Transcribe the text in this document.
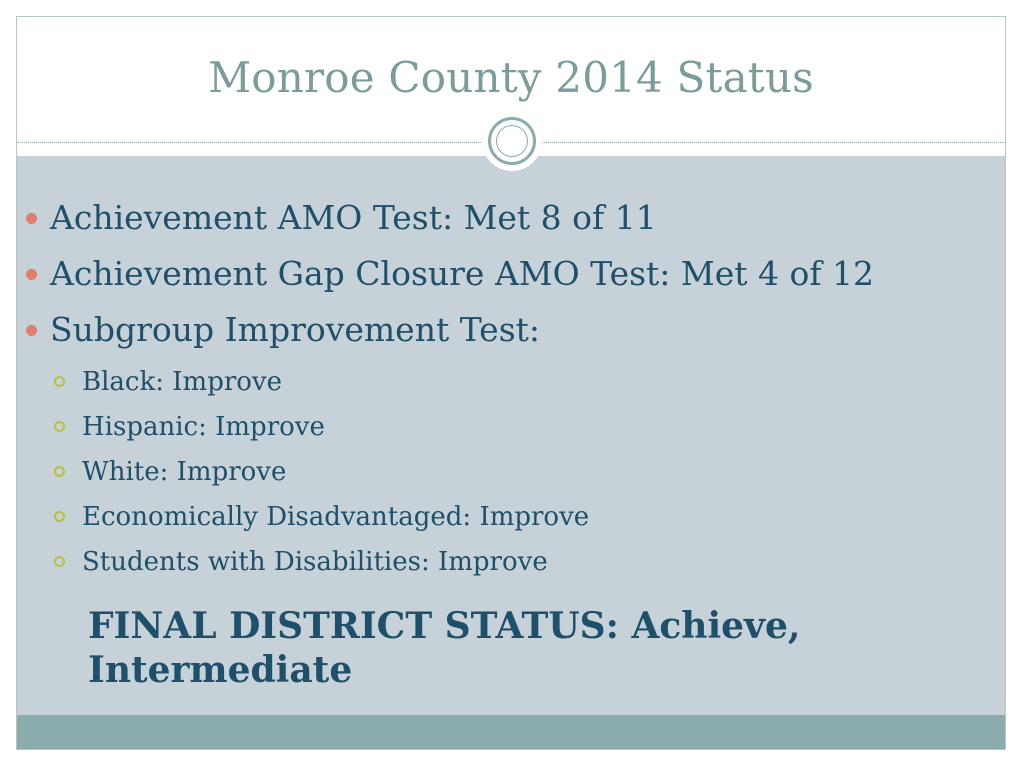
Monroe County 2014 Status
Achievement AMO Test: Met 8 of 11
Achievement Gap Closure AMO Test: Met 4 of 12
Subgroup Improvement Test:
Black: Improve
Hispanic: Improve
White: Improve
Economically Disadvantaged: Improve
Students with Disabilities: Improve
FINAL DISTRICT STATUS: Achieve, Intermediate
